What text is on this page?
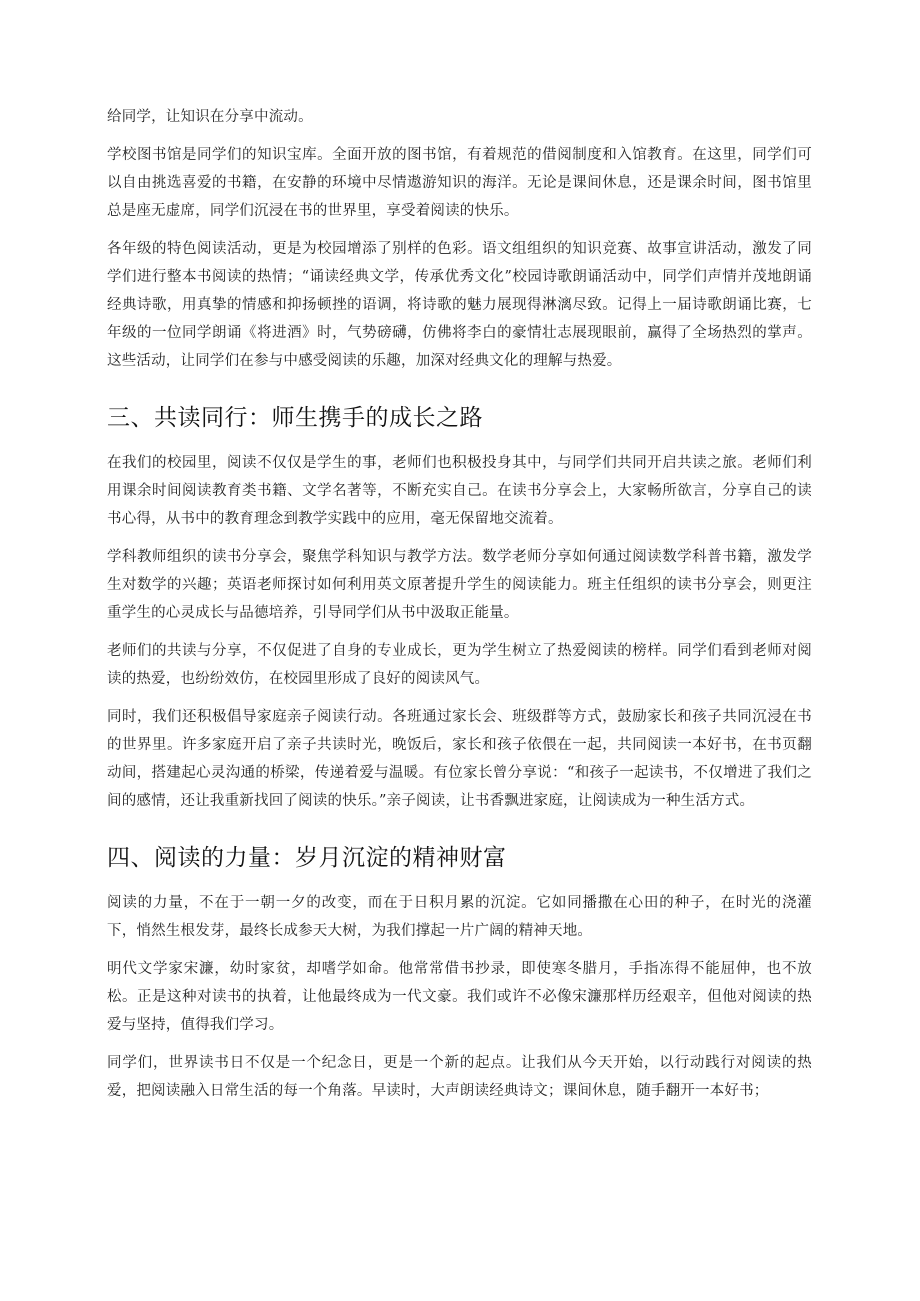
给同学，让知识在分享中流动。

学校图书馆是同学们的知识宝库。全面开放的图书馆，有着规范的借阅制度和入馆教育。在这里，同学们可以自由挑选喜爱的书籍，在安静的环境中尽情遨游知识的海洋。无论是课间休息，还是课余时间，图书馆里总是座无虚席，同学们沉浸在书的世界里，享受着阅读的快乐。

各年级的特色阅读活动，更是为校园增添了别样的色彩。语文组组织的知识竞赛、故事宣讲活动，激发了同学们进行整本书阅读的热情；“诵读经典文学，传承优秀文化”校园诗歌朗诵活动中，同学们声情并茂地朗诵经典诗歌，用真挚的情感和抑扬顿挫的语调，将诗歌的魅力展现得淋漓尽致。记得上一届诗歌朗诵比赛，七年级的一位同学朗诵《将进酒》时，气势磅礴，仿佛将李白的豪情壮志展现眼前，赢得了全场热烈的掌声。这些活动，让同学们在参与中感受阅读的乐趣，加深对经典文化的理解与热爱。

三、共读同行：师生携手的成长之路

在我们的校园里，阅读不仅仅是学生的事，老师们也积极投身其中，与同学们共同开启共读之旅。老师们利用课余时间阅读教育类书籍、文学名著等，不断充实自己。在读书分享会上，大家畅所欲言，分享自己的读书心得，从书中的教育理念到教学实践中的应用，毫无保留地交流着。

学科教师组织的读书分享会，聚焦学科知识与教学方法。数学老师分享如何通过阅读数学科普书籍，激发学生对数学的兴趣；英语老师探讨如何利用英文原著提升学生的阅读能力。班主任组织的读书分享会，则更注重学生的心灵成长与品德培养，引导同学们从书中汲取正能量。

老师们的共读与分享，不仅促进了自身的专业成长，更为学生树立了热爱阅读的榜样。同学们看到老师对阅读的热爱，也纷纷效仿，在校园里形成了良好的阅读风气。

同时，我们还积极倡导家庭亲子阅读行动。各班通过家长会、班级群等方式，鼓励家长和孩子共同沉浸在书的世界里。许多家庭开启了亲子共读时光，晚饭后，家长和孩子依偎在一起，共同阅读一本好书，在书页翻动间，搭建起心灵沟通的桥梁，传递着爱与温暖。有位家长曾分享说：“和孩子一起读书，不仅增进了我们之间的感情，还让我重新找回了阅读的快乐。”亲子阅读，让书香飘进家庭，让阅读成为一种生活方式。

四、阅读的力量：岁月沉淀的精神财富

阅读的力量，不在于一朝一夕的改变，而在于日积月累的沉淀。它如同播撒在心田的种子，在时光的浇灌下，悄然生根发芽，最终长成参天大树，为我们撑起一片广阔的精神天地。

明代文学家宋濂，幼时家贫，却嗜学如命。他常常借书抄录，即使寒冬腊月，手指冻得不能屈伸，也不放松。正是这种对读书的执着，让他最终成为一代文豪。我们或许不必像宋濂那样历经艰辛，但他对阅读的热爱与坚持，值得我们学习。

同学们，世界读书日不仅是一个纪念日，更是一个新的起点。让我们从今天开始，以行动践行对阅读的热爱，把阅读融入日常生活的每一个角落。早读时，大声朗读经典诗文；课间休息，随手翻开一本好书；
